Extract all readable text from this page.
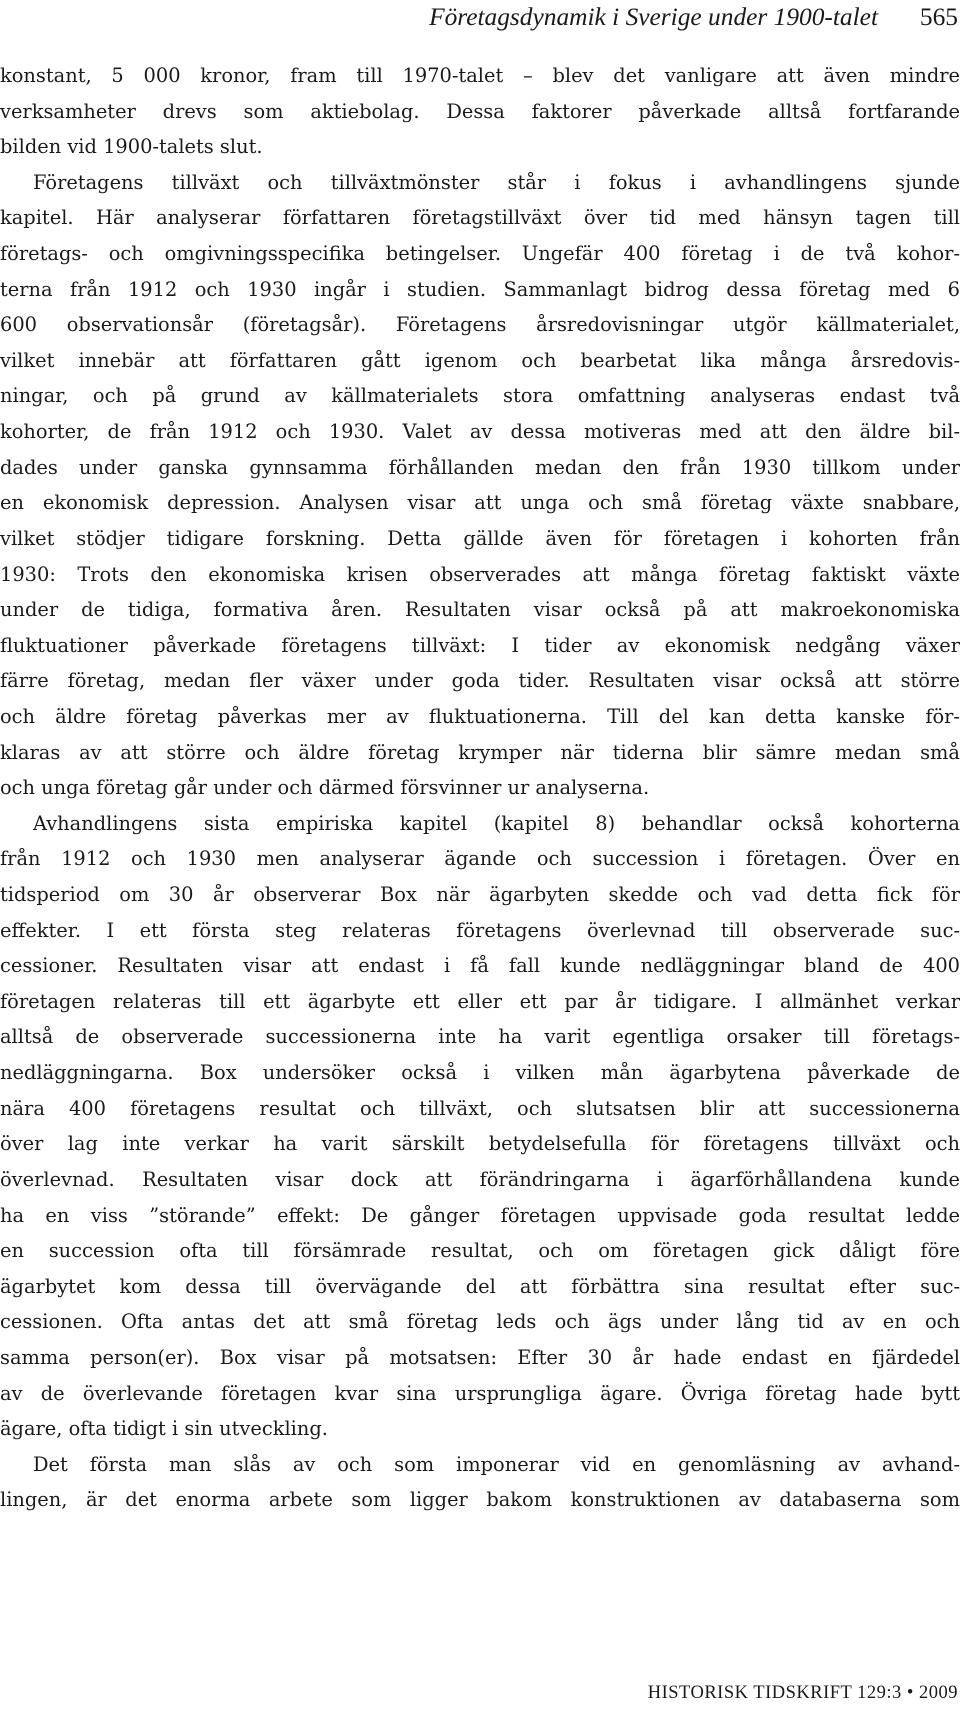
Företagsdynamik i Sverige under 1900-talet 565
konstant, 5 000 kronor, fram till 1970-talet – blev det vanligare att även mindre
verksamheter drevs som aktiebolag. Dessa faktorer påverkade alltså fortfarande
bilden vid 1900-talets slut.
Företagens tillväxt och tillväxtmönster står i fokus i avhandlingens sjunde
kapitel. Här analyserar författaren företagstillväxt över tid med hänsyn tagen till
företags- och omgivningsspecifika betingelser. Ungefär 400 företag i de två kohor-
terna från 1912 och 1930 ingår i studien. Sammanlagt bidrog dessa företag med 6
600 observationsår (företagsår). Företagens årsredovisningar utgör källmaterialet,
vilket innebär att författaren gått igenom och bearbetat lika många årsredovis-
ningar, och på grund av källmaterialets stora omfattning analyseras endast två
kohorter, de från 1912 och 1930. Valet av dessa motiveras med att den äldre bil-
dades under ganska gynnsamma förhållanden medan den från 1930 tillkom under
en ekonomisk depression. Analysen visar att unga och små företag växte snabbare,
vilket stödjer tidigare forskning. Detta gällde även för företagen i kohorten från
1930: Trots den ekonomiska krisen observerades att många företag faktiskt växte
under de tidiga, formativa åren. Resultaten visar också på att makroekonomiska
fluktuationer påverkade företagens tillväxt: I tider av ekonomisk nedgång växer
färre företag, medan fler växer under goda tider. Resultaten visar också att större
och äldre företag påverkas mer av fluktuationerna. Till del kan detta kanske för-
klaras av att större och äldre företag krymper när tiderna blir sämre medan små
och unga företag går under och därmed försvinner ur analyserna.
Avhandlingens sista empiriska kapitel (kapitel 8) behandlar också kohorterna
från 1912 och 1930 men analyserar ägande och succession i företagen. Över en
tidsperiod om 30 år observerar Box när ägarbyten skedde och vad detta fick för
effekter. I ett första steg relateras företagens överlevnad till observerade suc-
cessioner. Resultaten visar att endast i få fall kunde nedläggningar bland de 400
företagen relateras till ett ägarbyte ett eller ett par år tidigare. I allmänhet verkar
alltså de observerade successionerna inte ha varit egentliga orsaker till företags-
nedläggningarna. Box undersöker också i vilken mån ägarbytena påverkade de
nära 400 företagens resultat och tillväxt, och slutsatsen blir att successionerna
över lag inte verkar ha varit särskilt betydelsefulla för företagens tillväxt och
överlevnad. Resultaten visar dock att förändringarna i ägarförhållandena kunde
ha en viss ”störande” effekt: De gånger företagen uppvisade goda resultat ledde
en succession ofta till försämrade resultat, och om företagen gick dåligt före
ägarbytet kom dessa till övervägande del att förbättra sina resultat efter suc-
cessionen. Ofta antas det att små företag leds och ägs under lång tid av en och
samma person(er). Box visar på motsatsen: Efter 30 år hade endast en fjärdedel
av de överlevande företagen kvar sina ursprungliga ägare. Övriga företag hade bytt
ägare, ofta tidigt i sin utveckling.
Det första man slås av och som imponerar vid en genomläsning av avhand-
lingen, är det enorma arbete som ligger bakom konstruktionen av databaserna som
HISTORISK TIDSKRIFT 129:3 • 2009
